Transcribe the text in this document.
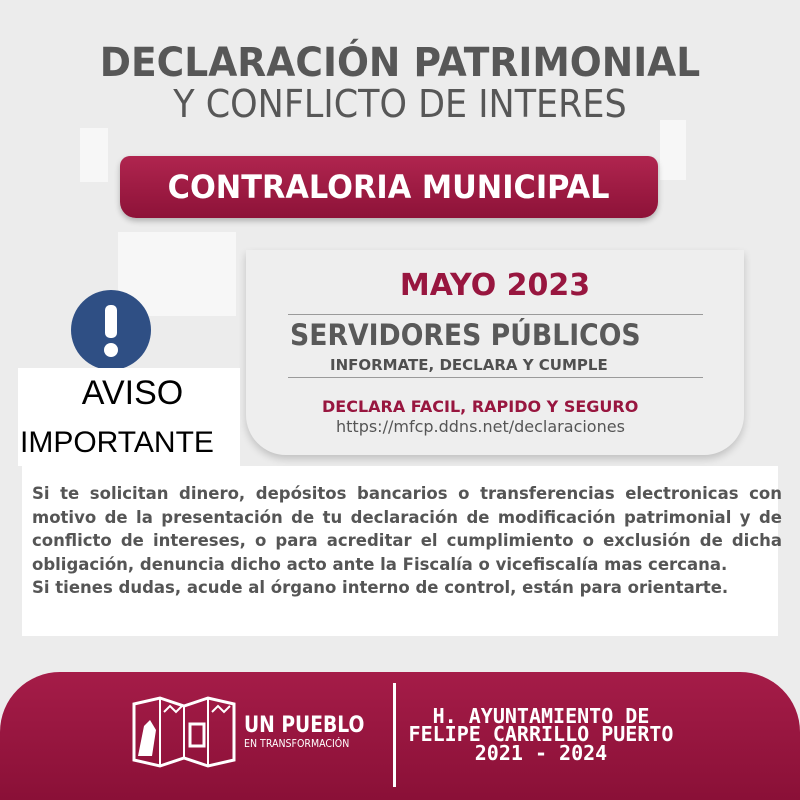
DECLARACIÓN PATRIMONIAL
Y CONFLICTO DE INTERES
CONTRALORIA MUNICIPAL
MAYO 2023
SERVIDORES PÚBLICOS
INFORMATE, DECLARA Y CUMPLE
DECLARA FACIL, RAPIDO Y SEGURO
https://mfcp.ddns.net/declaraciones
AVISO
IMPORTANTE

Si te solicitan dinero, depósitos bancarios o transferencias electronicas con motivo de la presentación de tu declaración de modificación patrimonial y de conflicto de intereses, o para acreditar el cumplimiento o exclusión de dicha obligación, denuncia dicho acto ante la Fiscalía o vicefiscalía mas cercana.

Si tienes dudas, acude al órgano interno de control, están para orientarte.

UN PUEBLO
EN TRANSFORMACIÓN
H. AYUNTAMIENTO DE
FELIPE CARRILLO PUERTO
2021 - 2024
